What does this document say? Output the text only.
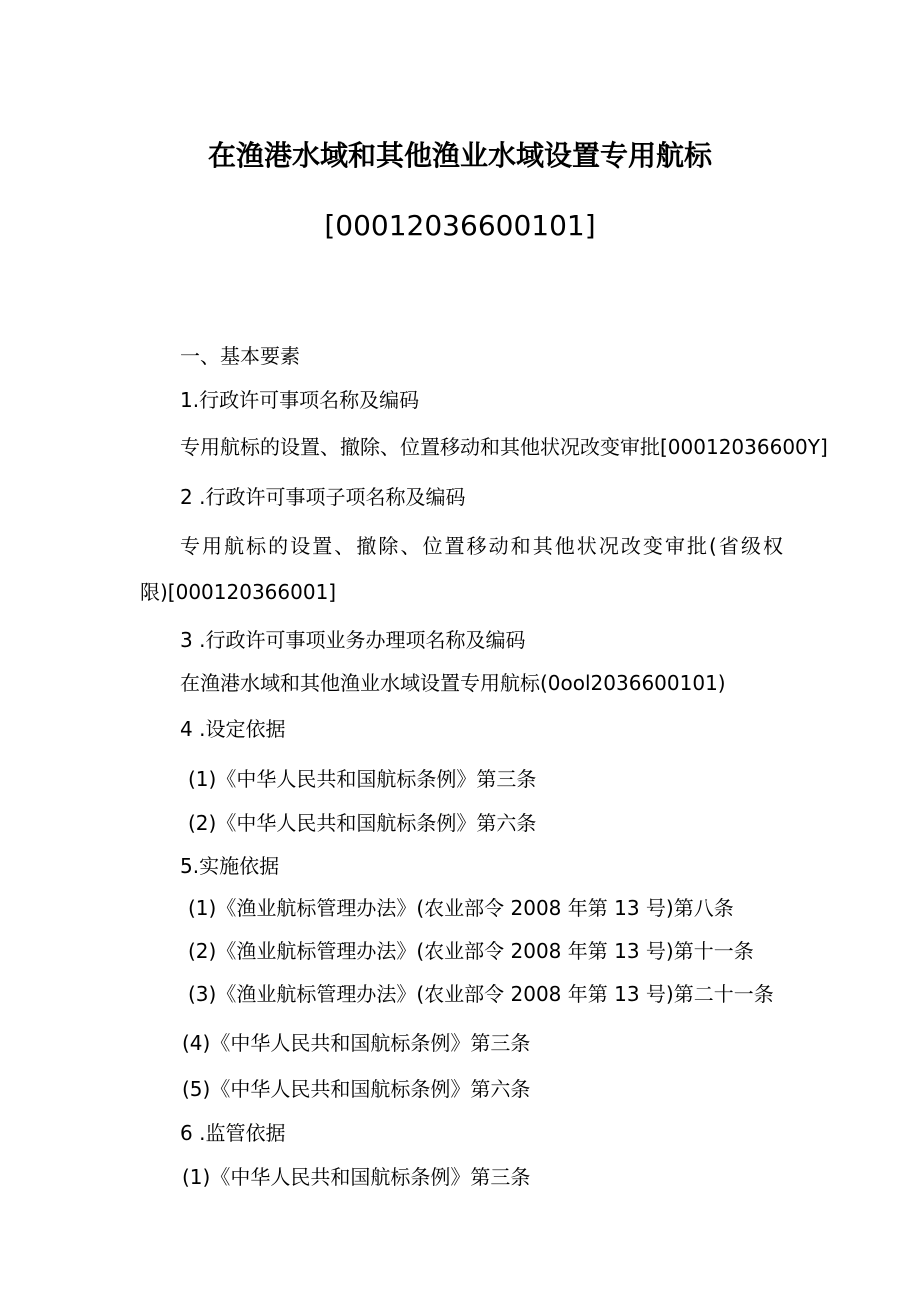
在渔港水域和其他渔业水域设置专用航标
[00012036600101]
一、基本要素
1.行政许可事项名称及编码
专用航标的设置、撤除、位置移动和其他状况改变审批[00012036600Y]
2 .行政许可事项子项名称及编码
专用航标的设置、撤除、位置移动和其他状况改变审批(省级权
限)[000120366001]
3 .行政许可事项业务办理项名称及编码
在渔港水域和其他渔业水域设置专用航标(0ool2036600101)
4 .设定依据
(1)《中华人民共和国航标条例》第三条
(2)《中华人民共和国航标条例》第六条
5.实施依据
(1)《渔业航标管理办法》(农业部令 2008 年第 13 号)第八条
(2)《渔业航标管理办法》(农业部令 2008 年第 13 号)第十一条
(3)《渔业航标管理办法》(农业部令 2008 年第 13 号)第二十一条
(4)《中华人民共和国航标条例》第三条
(5)《中华人民共和国航标条例》第六条
6 .监管依据
(1)《中华人民共和国航标条例》第三条
